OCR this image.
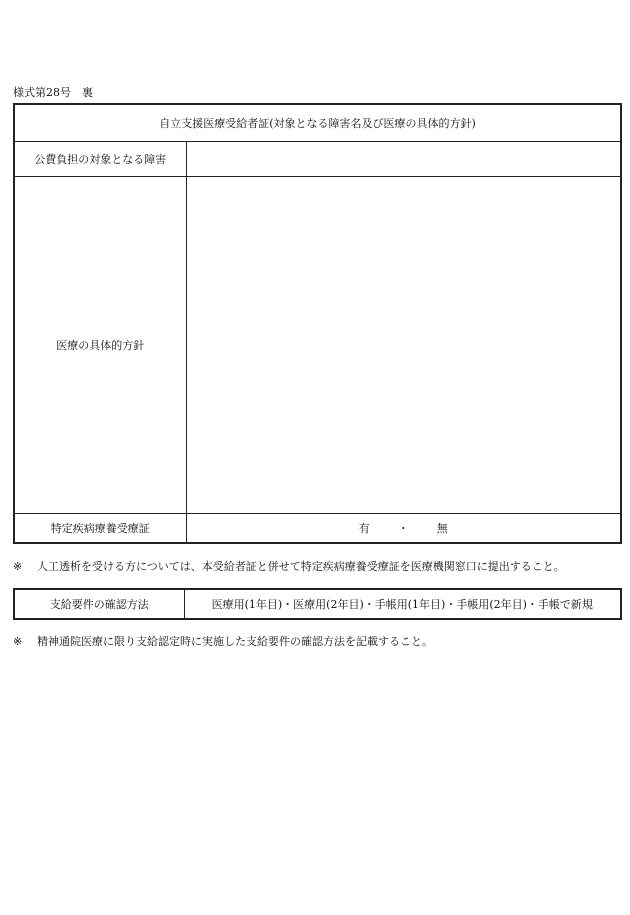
様式第28号　裏
自立支援医療受給者証(対象となる障害名及び医療の具体的方針)	
公費負担の対象となる障害	
医療の具体的方針	
特定疾病療養受療証	有 ・ 無
※ 人工透析を受ける方については、本受給者証と併せて特定疾病療養受療証を医療機関窓口に提出すること。
支給要件の確認方法	医療用(1年目)・医療用(2年目)・手帳用(1年目)・手帳用(2年目)・手帳で新規
※ 精神通院医療に限り支給認定時に実施した支給要件の確認方法を記載すること。
